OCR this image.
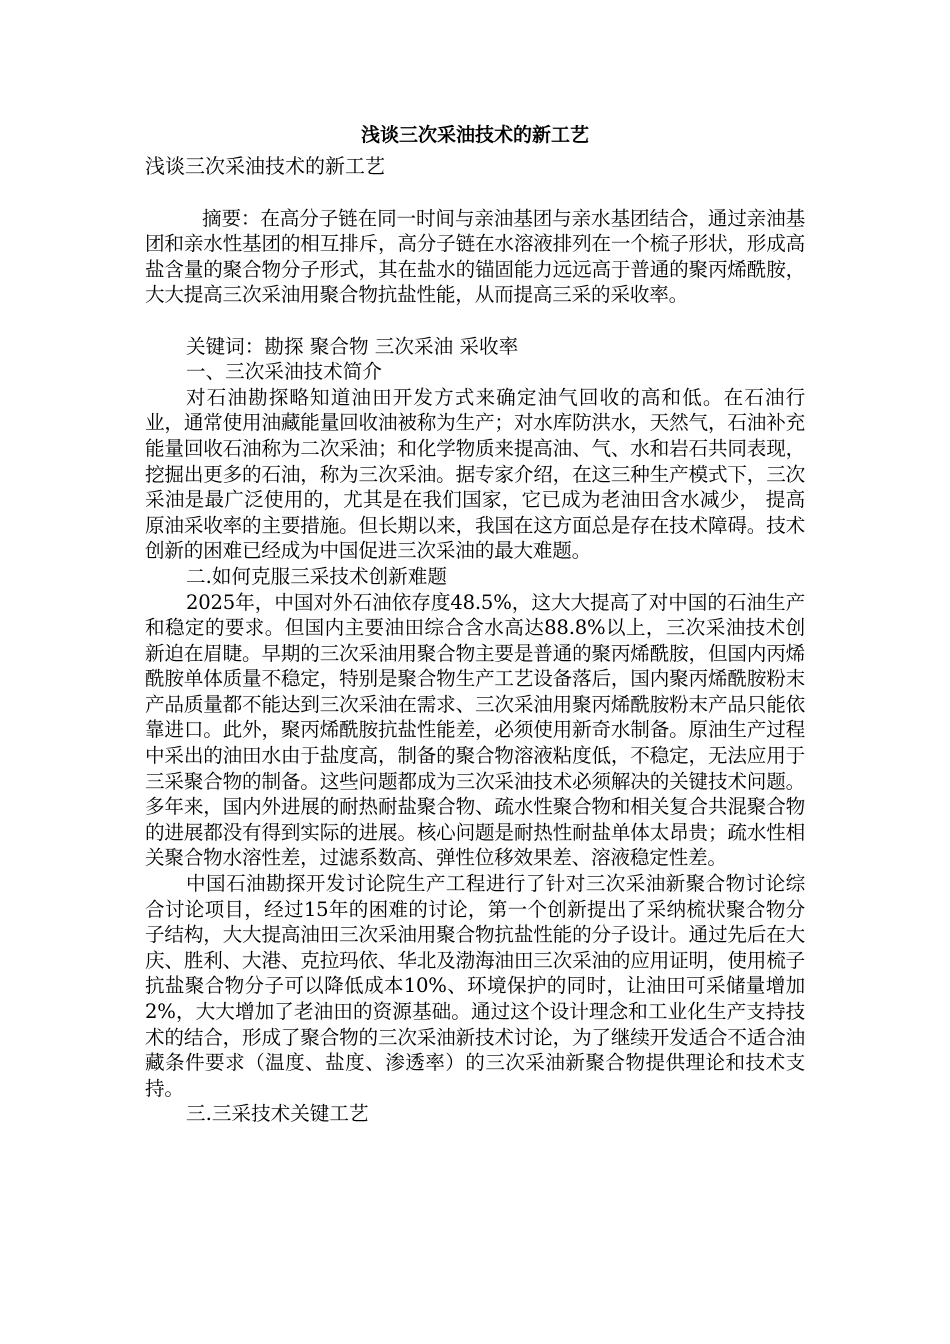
浅谈三次采油技术的新工艺

浅谈三次采油技术的新工艺

摘要：在高分子链在同一时间与亲油基团与亲水基团结合，通过亲油基团和亲水性基团的相互排斥，高分子链在水溶液排列在一个梳子形状，形成高盐含量的聚合物分子形式，其在盐水的锚固能力远远高于普通的聚丙烯酰胺，大大提高三次采油用聚合物抗盐性能，从而提高三采的采收率。

关键词：勘探 聚合物 三次采油 采收率

一、三次采油技术简介

对石油勘探略知道油田开发方式来确定油气回收的高和低。在石油行业，通常使用油藏能量回收油被称为生产；对水库防洪水，天然气，石油补充能量回收石油称为二次采油；和化学物质来提高油、气、水和岩石共同表现，挖掘出更多的石油，称为三次采油。据专家介绍，在这三种生产模式下，三次采油是最广泛使用的，尤其是在我们国家，它已成为老油田含水减少， 提高原油采收率的主要措施。但长期以来，我国在这方面总是存在技术障碍。技术创新的困难已经成为中国促进三次采油的最大难题。

二.如何克服三采技术创新难题

2025年，中国对外石油依存度48.5%，这大大提高了对中国的石油生产和稳定的要求。但国内主要油田综合含水高达88.8%以上，三次采油技术创新迫在眉睫。早期的三次采油用聚合物主要是普通的聚丙烯酰胺，但国内丙烯酰胺单体质量不稳定，特别是聚合物生产工艺设备落后，国内聚丙烯酰胺粉末产品质量都不能达到三次采油在需求、三次采油用聚丙烯酰胺粉末产品只能依靠进口。此外，聚丙烯酰胺抗盐性能差，必须使用新奇水制备。原油生产过程中采出的油田水由于盐度高，制备的聚合物溶液粘度低，不稳定，无法应用于三采聚合物的制备。这些问题都成为三次采油技术必须解决的关键技术问题。多年来，国内外进展的耐热耐盐聚合物、疏水性聚合物和相关复合共混聚合物的进展都没有得到实际的进展。核心问题是耐热性耐盐单体太昂贵；疏水性相关聚合物水溶性差，过滤系数高、弹性位移效果差、溶液稳定性差。

中国石油勘探开发讨论院生产工程进行了针对三次采油新聚合物讨论综合讨论项目，经过15年的困难的讨论，第一个创新提出了采纳梳状聚合物分子结构，大大提高油田三次采油用聚合物抗盐性能的分子设计。通过先后在大庆、胜利、大港、克拉玛依、华北及渤海油田三次采油的应用证明，使用梳子抗盐聚合物分子可以降低成本10%、环境保护的同时，让油田可采储量增加2%，大大增加了老油田的资源基础。通过这个设计理念和工业化生产支持技术的结合，形成了聚合物的三次采油新技术讨论，为了继续开发适合不适合油藏条件要求（温度、盐度、渗透率）的三次采油新聚合物提供理论和技术支持。

三.三采技术关键工艺
